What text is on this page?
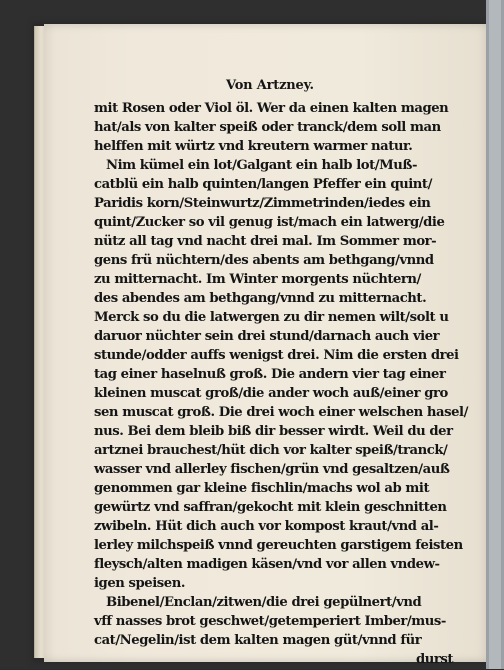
Von Artzney.
mit Rosen oder Viol öl. Wer da einen kalten magen
hat/als von kalter speiß oder tranck/dem soll man
helffen mit würtz vnd kreutern warmer natur.
Nim kümel ein lot/Galgant ein halb lot/Muß-
catblü ein halb quinten/langen Pfeffer ein quint/
Paridis korn/Steinwurtz/Zimmetrinden/iedes ein
quint/Zucker so vil genug ist/mach ein latwerg/die
nütz all tag vnd nacht drei mal. Im Sommer mor-
gens frü nüchtern/des abents am bethgang/vnnd
zu mitternacht. Im Winter morgents nüchtern/
des abendes am bethgang/vnnd zu mitternacht.
Merck so du die latwergen zu dir nemen wilt/solt u
daruor nüchter sein drei stund/darnach auch vier
stunde/odder auffs wenigst drei. Nim die ersten drei
tag einer haselnuß groß. Die andern vier tag einer
kleinen muscat groß/die ander woch auß/einer gro
sen muscat groß. Die drei woch einer welschen hasel/
nus. Bei dem bleib biß dir besser wirdt. Weil du der
artznei brauchest/hüt dich vor kalter speiß/tranck/
wasser vnd allerley fischen/grün vnd gesaltzen/auß
genommen gar kleine fischlin/machs wol ab mit
gewürtz vnd saffran/gekocht mit klein geschnitten
zwibeln. Hüt dich auch vor kompost kraut/vnd al-
lerley milchspeiß vnnd gereuchten garstigem feisten
fleysch/alten madigen käsen/vnd vor allen vndew-
igen speisen.
Bibenel/Enclan/zitwen/die drei gepülnert/vnd
vff nasses brot geschwet/getemperiert Imber/mus-
cat/Negelin/ist dem kalten magen güt/vnnd für
durst
